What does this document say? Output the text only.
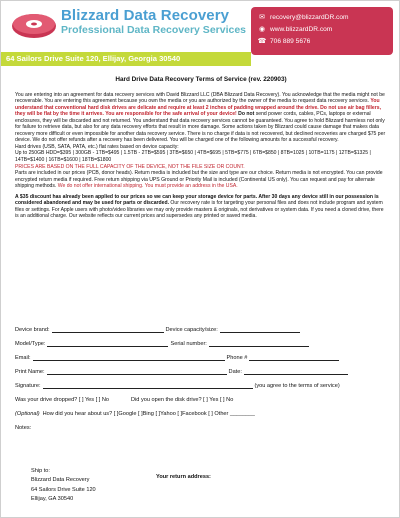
Blizzard Data Recovery
Professional Data Recovery Services
✉ recovery@blizzardDR.com
◉ www.blizzardDR.com
☎ 706 889 5676
64 Sailors Drive Suite 120, Ellijay, Georgia 30540
Hard Drive Data Recovery Terms of Service (rev. 220903)

You are entering into an agreement for data recovery services with David Blizzard LLC (DBA Blizzard Data Recovery). You acknowledge that the media might not be recoverable. You are entering this agreement because you own the media or you are authorized by the owner of the media to request data recovery services. You understand that conventional hard disk drives are delicate and require at least 2 inches of padding wrapped around the drive. Do not use air bag fillers, they will be flat by the time it arrives. You are responsible for the safe arrival of your device! Do not send power cords, cables, PCs, laptops or external enclosures, they will be discarded and not returned. You understand that data recovery services cannot be guaranteed. You agree to hold Blizzard harmless not only for failure to retrieve data, but also for any data recovery efforts that result in more damage. Some actions taken by Blizzard could cause damage that makes data recovery more difficult or even impossible for another data recovery service. There is no charge if data is not recovered, but declined recoveries are charged $75 per device. We do not offer refunds after a recovery has been delivered. You will be charged one of the following amounts for a successful recovery.

Hard drives (USB, SATA, PATA, etc.) flat rates based on device capacity:

Up to 250GB HDD=$395 | 300GB - 1TB=$495 | 1.5TB - 2TB=$595 | 3TB=$650 | 4TB=$695 | 5TB=$775 | 6TB=$850 | 8TB=1025 | 10TB=1175 | 12TB=$1325 | 14TB=$1400 | 16TB=$1600 | 18TB=$1800

PRICES ARE BASED ON THE FULL CAPACITY OF THE DEVICE, NOT THE FILE SIZE OR COUNT.

Parts are included in our prices (PCB, donor heads). Return media is included but the size and type are our choice. Return media is not encrypted. You can provide encrypted return media if required. Free return shipping via UPS Ground or Priority Mail is included (Continental US only). You can request and pay for alternate shipping methods. We do not offer international shipping. You must provide an address in the USA.

A $35 discount has already been applied to our prices so we can keep your storage device for parts. After 30 days any device still in our possession is considered abandoned and may be used for parts or discarded. Our recovery rate is for targeting your personal files and does not include program and system files or settings. For Apple users with photo/video libraries we may only provide masters & originals, not derivatives or system data. If you need a cloned drive, there is an additional charge. Our website reflects our current prices and supersedes any printed or saved media.

Device brand:	Device capacity/size:
Model/Type:	Serial number:
Email:	Phone #
Print Name:	Date:
Signature:	(you agree to the terms of service)
Was your drive dropped? [ ] Yes [ ] No	Did you open the disk drive? [ ] Yes [ ] No
(Optional) How did you hear about us? [ ]Google [ ]Bing [ ]Yahoo [ ]Facebook [ ] Other ________
Notes:
Ship to:
Blizzard Data Recovery
64 Sailors Drive Suite 120
Ellijay, GA 30540
Your return address:
